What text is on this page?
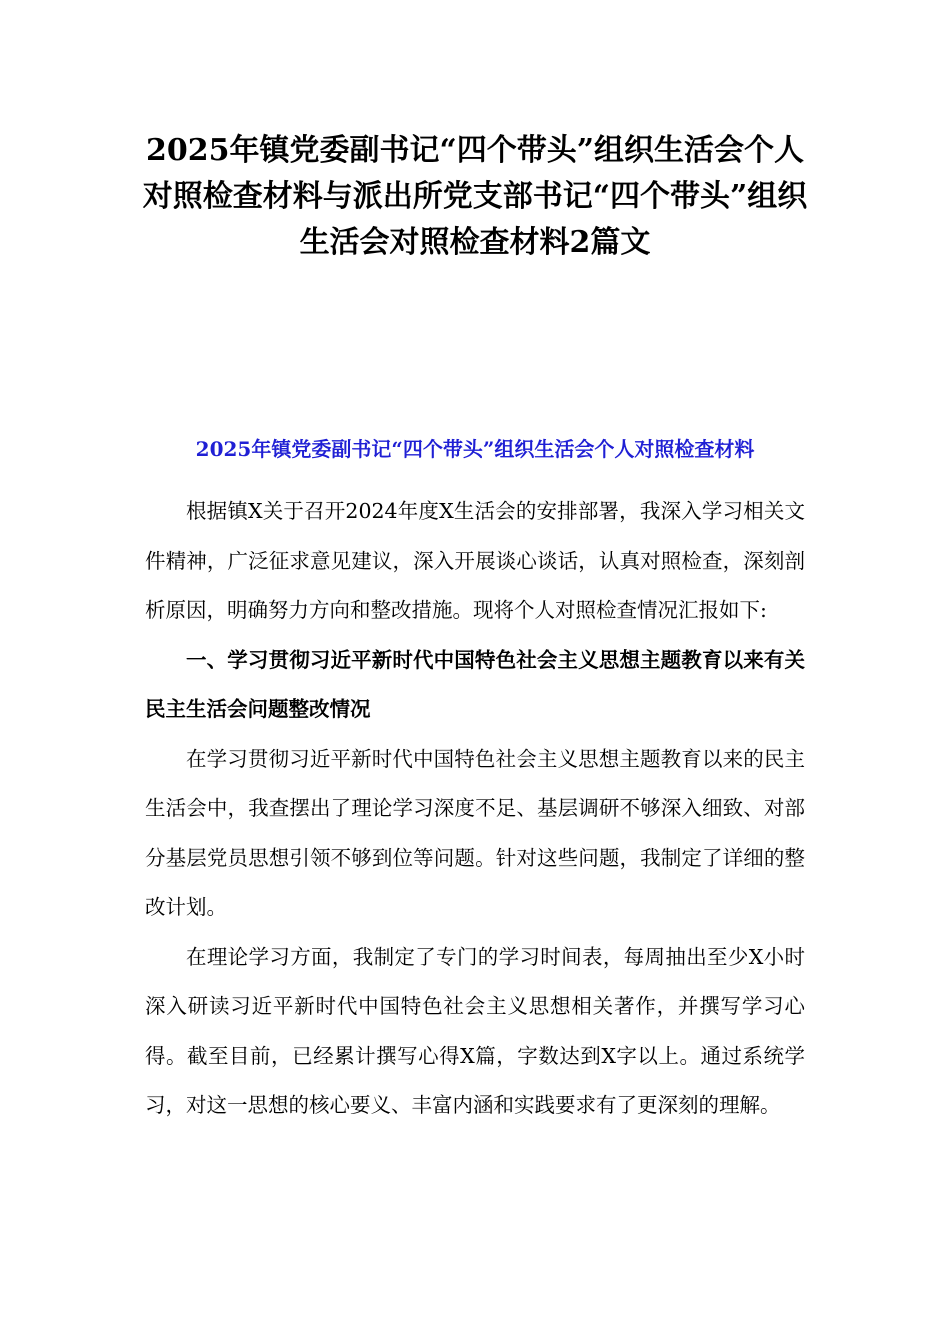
2025年镇党委副书记“四个带头”组织生活会个人
对照检查材料与派出所党支部书记“四个带头”组织
生活会对照检查材料2篇文
2025年镇党委副书记“四个带头”组织生活会个人对照检查材料

根据镇X关于召开2024年度X生活会的安排部署，我深入学习相关文件精神，广泛征求意见建议，深入开展谈心谈话，认真对照检查，深刻剖析原因，明确努力方向和整改措施。现将个人对照检查情况汇报如下:

一、学习贯彻习近平新时代中国特色社会主义思想主题教育以来有关民主生活会问题整改情况

在学习贯彻习近平新时代中国特色社会主义思想主题教育以来的民主生活会中，我查摆出了理论学习深度不足、基层调研不够深入细致、对部分基层党员思想引领不够到位等问题。针对这些问题，我制定了详细的整改计划。

在理论学习方面，我制定了专门的学习时间表，每周抽出至少X小时深入研读习近平新时代中国特色社会主义思想相关著作，并撰写学习心得。截至目前，已经累计撰写心得X篇，字数达到X字以上。通过系统学习，对这一思想的核心要义、丰富内涵和实践要求有了更深刻的理解。
